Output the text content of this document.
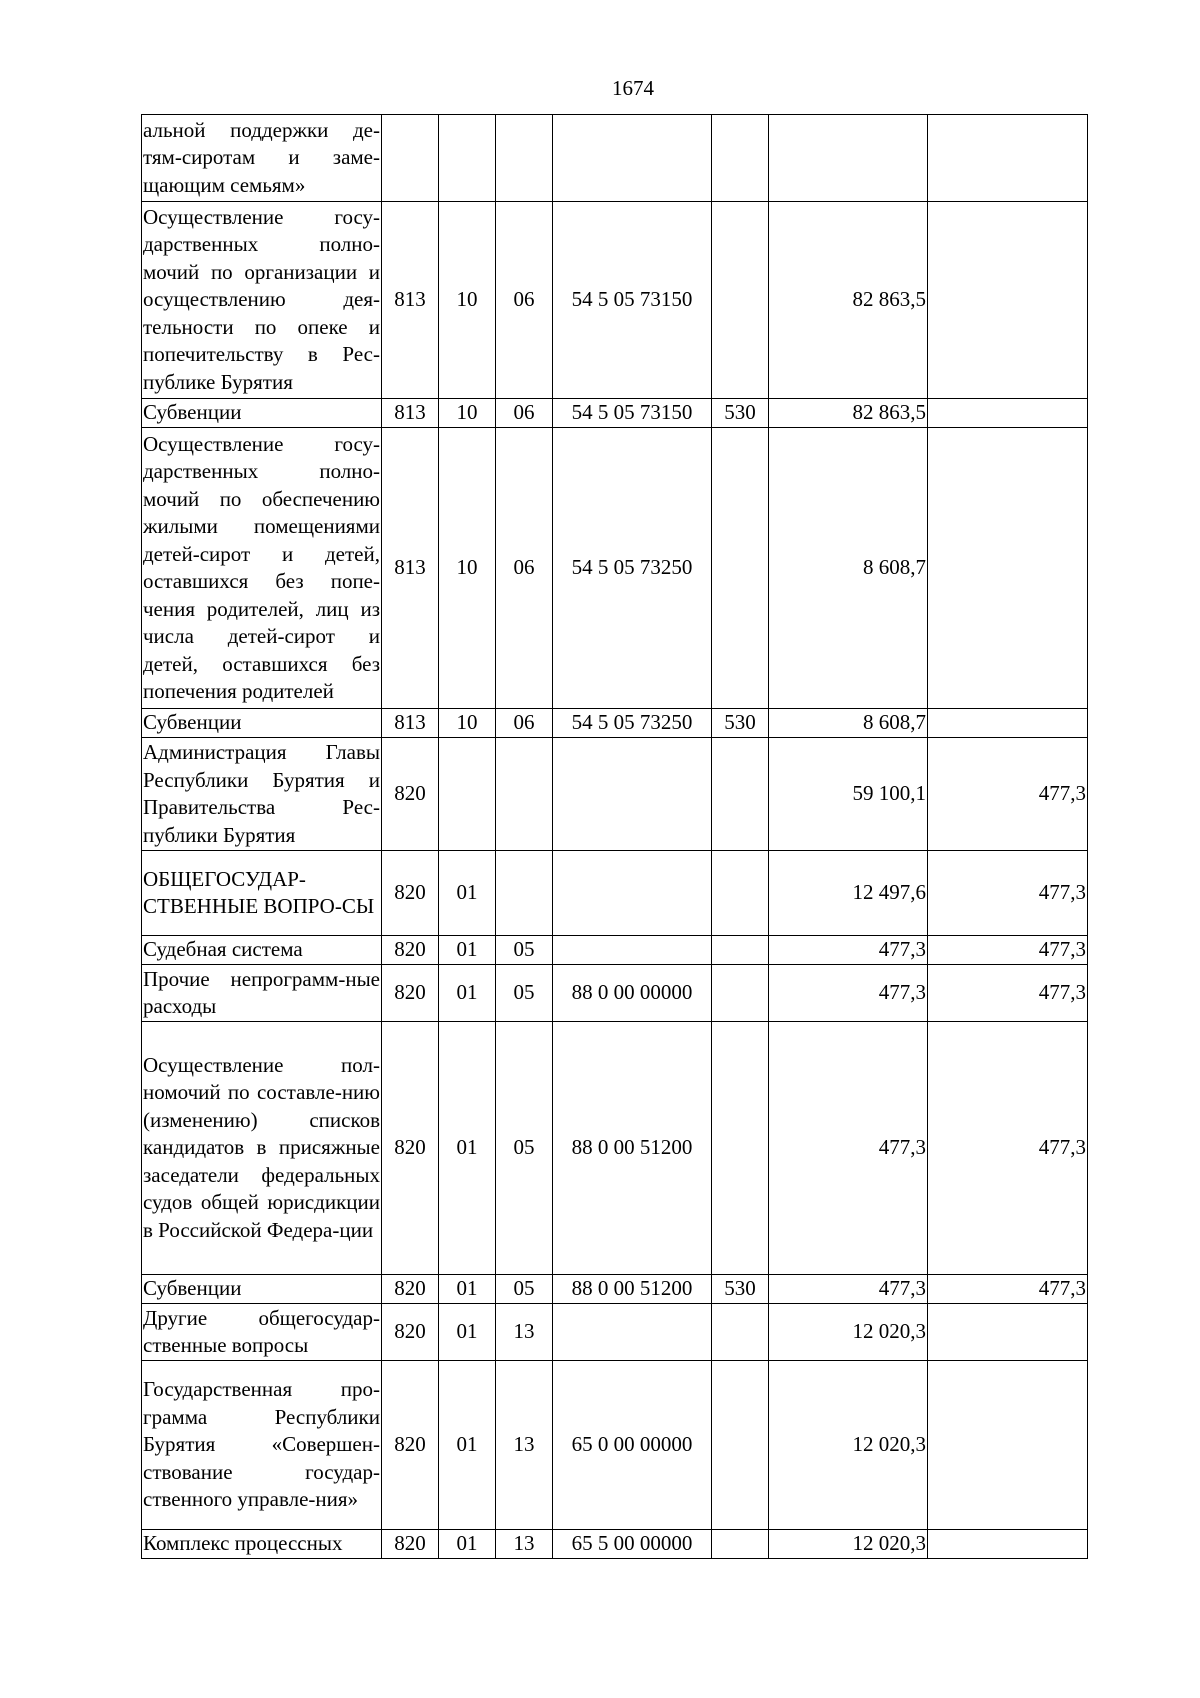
1674
альной поддержки де-тям-сиротам и заме-щающим семьям»							
Осуществление госу-дарственных полно-мочий по организации и осуществлению дея-тельности по опеке и попечительству в Рес-публике Бурятия	813	10	06	54 5 05 73150		82 863,5	
Субвенции	813	10	06	54 5 05 73150	530	82 863,5	
Осуществление госу-дарственных полно-мочий по обеспечению жилыми помещениями детей-сирот и детей, оставшихся без попе-чения родителей, лиц из числа детей-сирот и детей, оставшихся без попечения родителей	813	10	06	54 5 05 73250		8 608,7	
Субвенции	813	10	06	54 5 05 73250	530	8 608,7	
Администрация Главы Республики Бурятия и Правительства Рес-публики Бурятия	820					59 100,1	477,3
ОБЩЕГОСУДАР-СТВЕННЫЕ ВОПРО-СЫ	820	01				12 497,6	477,3
Судебная система	820	01	05			477,3	477,3
Прочие непрограмм-ные расходы	820	01	05	88 0 00 00000		477,3	477,3
Осуществление пол-номочий по составле-нию (изменению) списков кандидатов в присяжные заседатели федеральных судов общей юрисдикции в Российской Федера-ции	820	01	05	88 0 00 51200		477,3	477,3
Субвенции	820	01	05	88 0 00 51200	530	477,3	477,3
Другие общегосудар-ственные вопросы	820	01	13			12 020,3	
Государственная про-грамма Республики Бурятия «Совершен-ствование государ-ственного управле-ния»	820	01	13	65 0 00 00000		12 020,3	
Комплекс процессных	820	01	13	65 5 00 00000		12 020,3	
